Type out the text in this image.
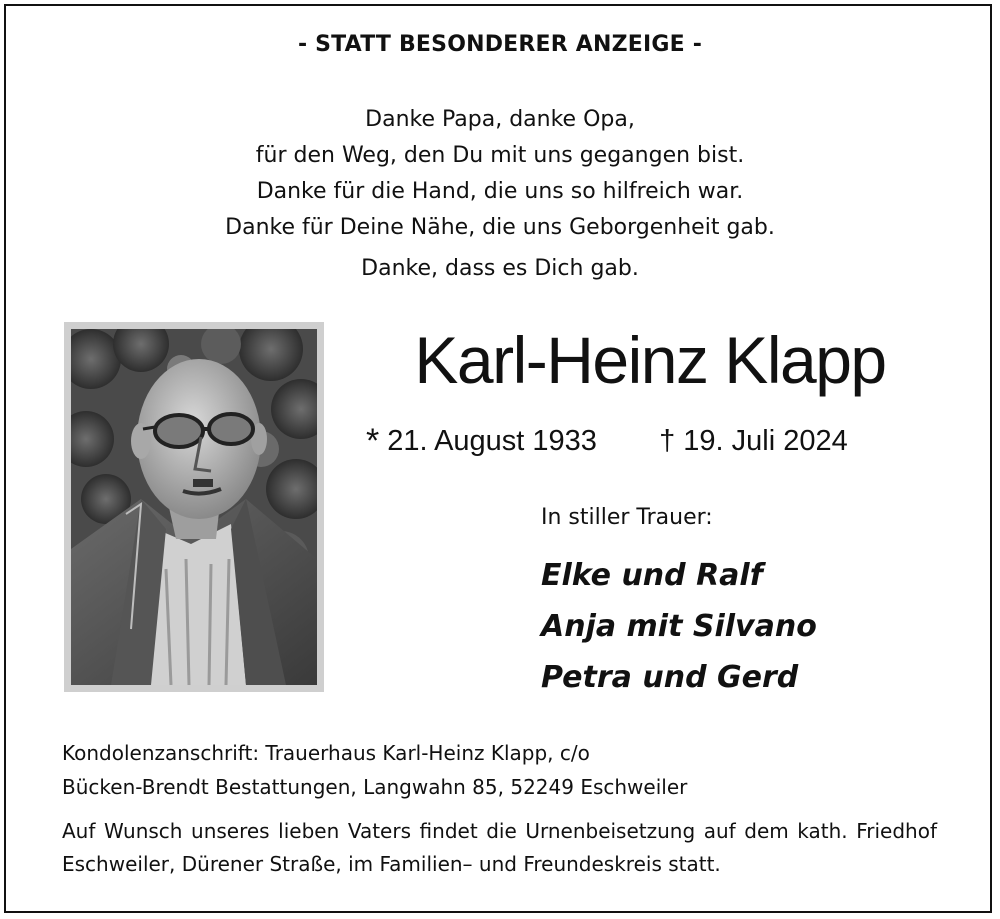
- STATT BESONDERER ANZEIGE -
Danke Papa, danke Opa,
für den Weg, den Du mit uns gegangen bist.
Danke für die Hand, die uns so hilfreich war.
Danke für Deine Nähe, die uns Geborgenheit gab.
Danke, dass es Dich gab.
Karl-Heinz Klapp
* 21. August 1933 † 19. Juli 2024
In stiller Trauer:
Elke und Ralf
Anja mit Silvano
Petra und Gerd
Kondolenzanschrift: Trauerhaus Karl-Heinz Klapp, c/o
Bücken-Brendt Bestattungen, Langwahn 85, 52249 Eschweiler
Auf Wunsch unseres lieben Vaters findet die Urnenbeisetzung auf dem kath. Friedhof Eschweiler, Dürener Straße, im Familien– und Freundeskreis statt.
